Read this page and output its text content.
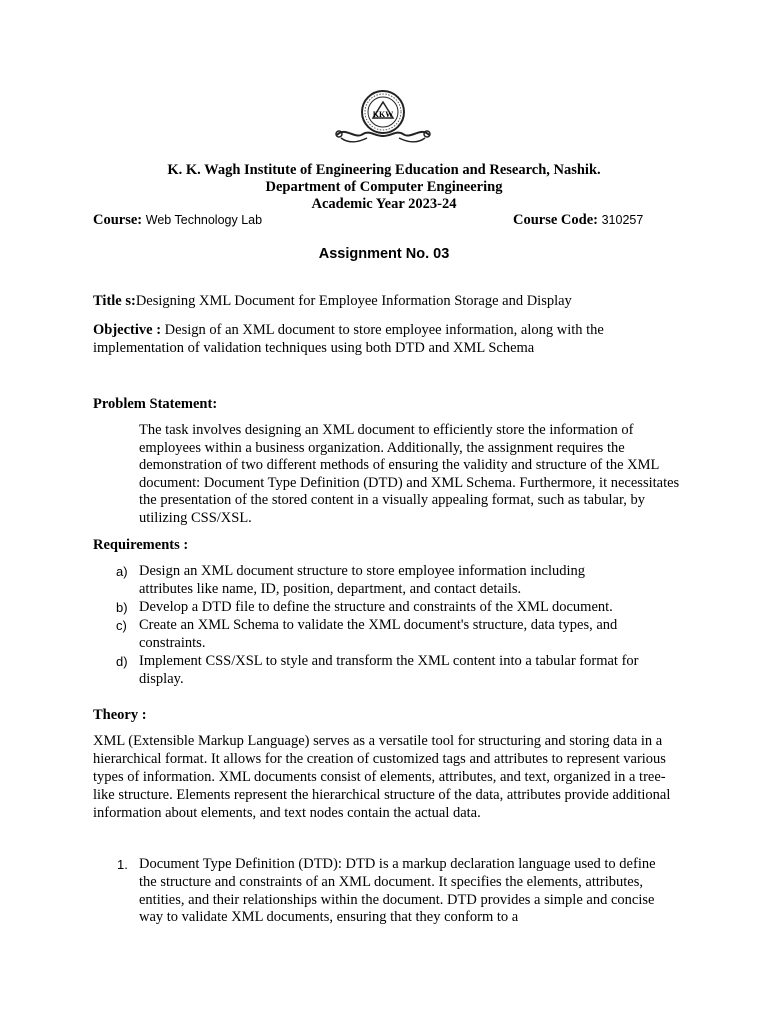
KKW
K. K. Wagh Institute of Engineering Education and Research, Nashik.
Department of Computer Engineering
Academic Year 2023-24
Course: Web Technology Lab	Course Code: 310257
Assignment No. 03
Title s:Designing XML Document for Employee Information Storage and Display
Objective : Design of an XML document to store employee information, along with the implementation of validation techniques using both DTD and XML Schema
Problem Statement:
The task involves designing an XML document to efficiently store the information of employees within a business organization. Additionally, the assignment requires the demonstration of two different methods of ensuring the validity and structure of the XML document: Document Type Definition (DTD) and XML Schema. Furthermore, it necessitates the presentation of the stored content in a visually appealing format, such as tabular, by utilizing CSS/XSL.
Requirements :
a) Design an XML document structure to store employee information including attributes like name, ID, position, department, and contact details.
b) Develop a DTD file to define the structure and constraints of the XML document.
c) Create an XML Schema to validate the XML document's structure, data types, and constraints.
d) Implement CSS/XSL to style and transform the XML content into a tabular format for display.
Theory :
XML (Extensible Markup Language) serves as a versatile tool for structuring and storing data in a hierarchical format. It allows for the creation of customized tags and attributes to represent various types of information. XML documents consist of elements, attributes, and text, organized in a tree-like structure. Elements represent the hierarchical structure of the data, attributes provide additional information about elements, and text nodes contain the actual data.
1. Document Type Definition (DTD): DTD is a markup declaration language used to define the structure and constraints of an XML document. It specifies the elements, attributes, entities, and their relationships within the document. DTD provides a simple and concise way to validate XML documents, ensuring that they conform to a
